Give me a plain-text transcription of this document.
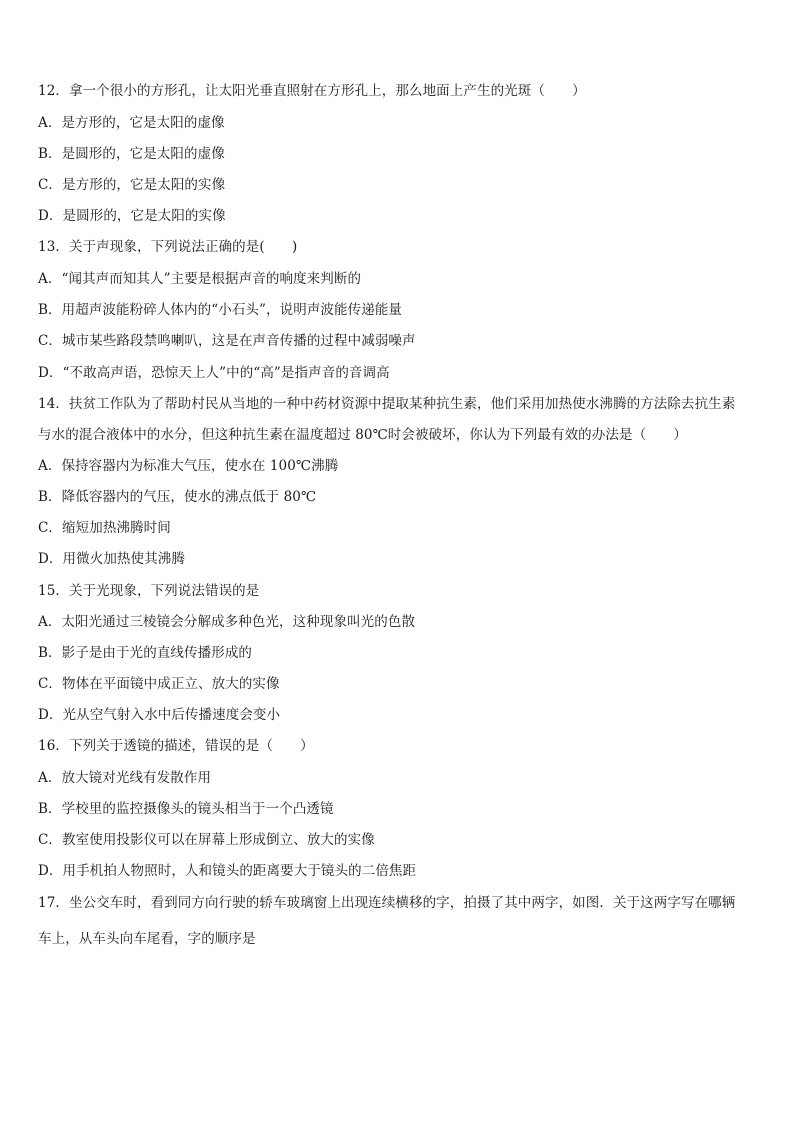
12．拿一个很小的方形孔，让太阳光垂直照射在方形孔上，那么地面上产生的光斑（　　）
A．是方形的，它是太阳的虚像
B．是圆形的，它是太阳的虚像
C．是方形的，它是太阳的实像
D．是圆形的，它是太阳的实像
13．关于声现象，下列说法正确的是(　　)
A．“闻其声而知其人”主要是根据声音的响度来判断的
B．用超声波能粉碎人体内的“小石头”，说明声波能传递能量
C．城市某些路段禁鸣喇叭，这是在声音传播的过程中减弱噪声
D．“不敢高声语，恐惊天上人”中的“高”是指声音的音调高
14．扶贫工作队为了帮助村民从当地的一种中药材资源中提取某种抗生素，他们采用加热使水沸腾的方法除去抗生素
与水的混合液体中的水分，但这种抗生素在温度超过 80℃时会被破坏，你认为下列最有效的办法是（　　）
A．保持容器内为标准大气压，使水在 100℃沸腾
B．降低容器内的气压，使水的沸点低于 80℃
C．缩短加热沸腾时间
D．用微火加热使其沸腾
15．关于光现象，下列说法错误的是
A．太阳光通过三棱镜会分解成多种色光，这种现象叫光的色散
B．影子是由于光的直线传播形成的
C．物体在平面镜中成正立、放大的实像
D．光从空气射入水中后传播速度会变小
16．下列关于透镜的描述，错误的是（　　）
A．放大镜对光线有发散作用
B．学校里的监控摄像头的镜头相当于一个凸透镜
C．教室使用投影仪可以在屏幕上形成倒立、放大的实像
D．用手机拍人物照时，人和镜头的距离要大于镜头的二倍焦距
17．坐公交车时，看到同方向行驶的轿车玻璃窗上出现连续横移的字，拍摄了其中两字，如图．关于这两字写在哪辆
车上，从车头向车尾看，字的顺序是
